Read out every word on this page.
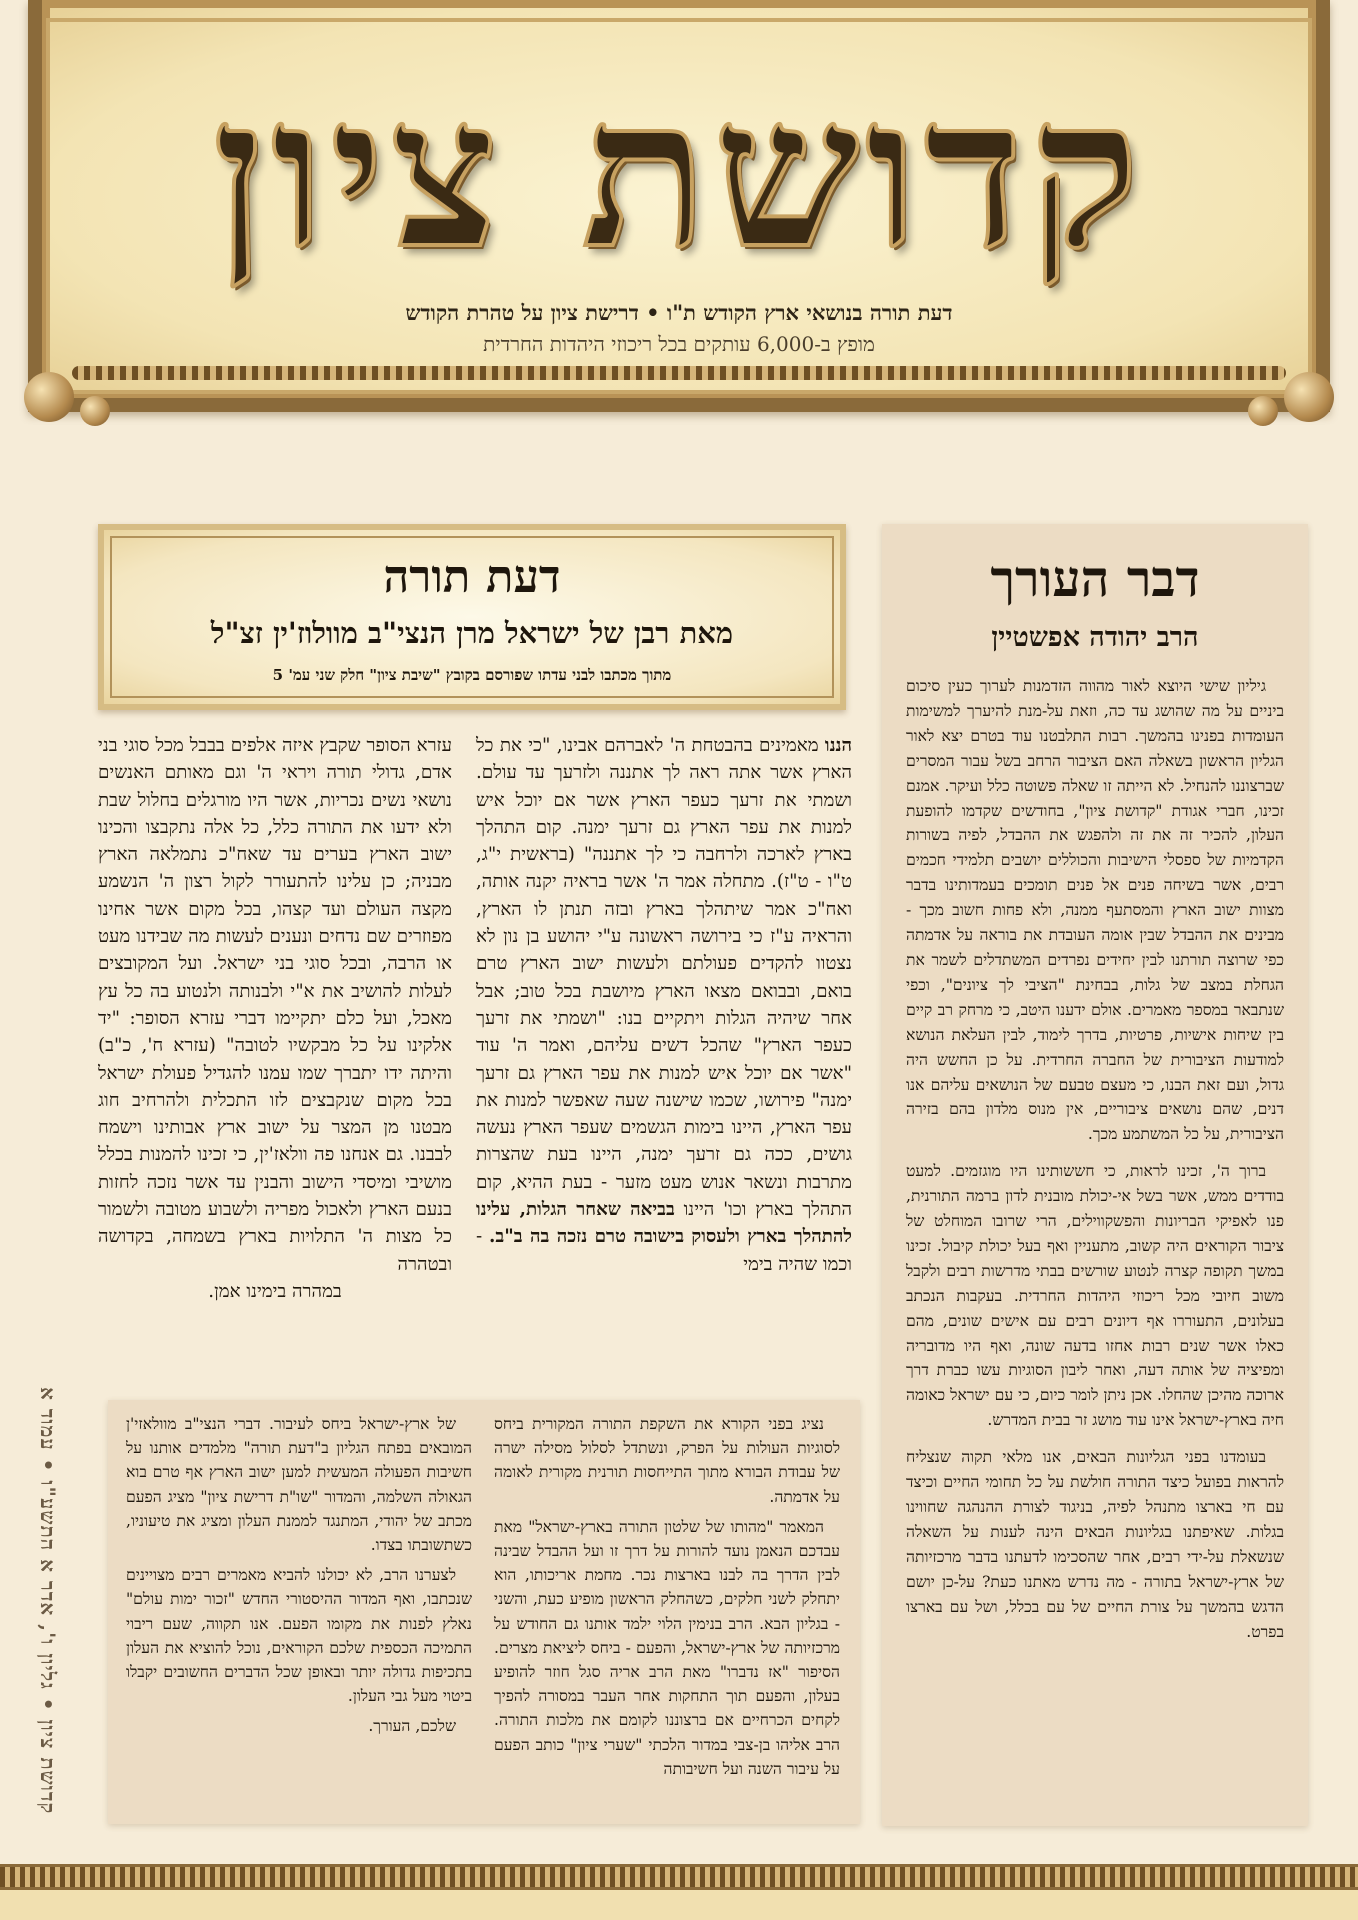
קדושת ציון
דעת תורה בנושאי ארץ הקודש ת"ו • דרישת ציון על טהרת הקודש
מופץ ב-6,000 עותקים בכל ריכוזי היהדות החרדית
דבר העורך
הרב יהודה אפשטיין

גיליון שישי היוצא לאור מהווה הזדמנות לערוך כעין סיכום ביניים על מה שהושג עד כה, וזאת על-מנת להיערך למשימות העומדות בפנינו בהמשך. רבות התלבטנו עוד בטרם יצא לאור הגליון הראשון בשאלה האם הציבור הרחב בשל עבור המסרים שברצוננו להנחיל. לא הייתה זו שאלה פשוטה כלל ועיקר. אמנם זכינו, חברי אגודת "קדושת ציון", בחודשים שקדמו להופעת העלון, להכיר זה את זה ולהפגש את ההבדל, לפיה בשורות הקדמיות של ספסלי הישיבות והכוללים יושבים תלמידי חכמים רבים, אשר בשיחה פנים אל פנים תומכים בעמדותינו בדבר מצוות ישוב הארץ והמסתעף ממנה, ולא פחות חשוב מכך - מבינים את ההבדל שבין אומה העובדת את בוראה על אדמתה כפי שרוצה תורתנו לבין יחידים נפרדים המשתדלים לשמר את הגחלת במצב של גלות, בבחינת "הציבי לך ציונים", וכפי שנתבאר במספר מאמרים. אולם ידענו היטב, כי מרחק רב קיים בין שיחות אישיות, פרטיות, בדרך לימוד, לבין העלאת הנושא למודעות הציבורית של החברה החרדית. על כן החשש היה גדול, ועם זאת הבנו, כי מעצם טבעם של הנושאים עליהם אנו דנים, שהם נושאים ציבוריים, אין מנוס מלדון בהם בזירה הציבורית, על כל המשתמע מכך.

ברוך ה', זכינו לראות, כי חששותינו היו מוגזמים. למעט בודדים ממש, אשר בשל אי-יכולת מובנית לדון ברמה התורנית, פנו לאפיקי הבריונות והפשקווילים, הרי שרובו המוחלט של ציבור הקוראים היה קשוב, מתעניין ואף בעל יכולת קיבול. זכינו במשך תקופה קצרה לנטוע שורשים בבתי מדרשות רבים ולקבל משוב חיובי מכל ריכוזי היהדות החרדית. בעקבות הנכתב בעלונים, התעוררו אף דיונים רבים עם אישים שונים, מהם כאלו אשר שנים רבות אחזו בדעה שונה, ואף היו מדובריה ומפיציה של אותה דעה, ואחר ליבון הסוגיות עשו כברת דרך ארוכה מהיכן שהחלו. אכן ניתן לומר כיום, כי עם ישראל כאומה חיה בארץ-ישראל אינו עוד מושג זר בבית המדרש.

בעומדנו בפני הגליונות הבאים, אנו מלאי תקוה שנצליח להראות בפועל כיצד התורה חולשת על כל תחומי החיים וכיצד עם חי בארצו מתנהל לפיה, בניגוד לצורת ההנהגה שחווינו בגלות. שאיפתנו בגליונות הבאים הינה לענות על השאלה שנשאלת על-ידי רבים, אחר שהסכימו לדעתנו בדבר מרכזיותה של ארץ-ישראל בתורה - מה נדרש מאתנו כעת? על-כן יושם הדגש בהמשך על צורת החיים של עם בכלל, ושל עם בארצו בפרט.

דעת תורה
מאת רבן של ישראל מרן הנצי"ב מוולוז'ין זצ"ל
מתוך מכתבו לבני עדתו שפורסם בקובץ "שיבת ציון" חלק שני עמ' 5

הננו מאמינים בהבטחת ה' לאברהם אבינו, "כי את כל הארץ אשר אתה ראה לך אתננה ולזרעך עד עולם. ושמתי את זרעך כעפר הארץ אשר אם יוכל איש למנות את עפר הארץ גם זרעך ימנה. קום התהלך בארץ לארכה ולרחבה כי לך אתננה" (בראשית י"ג, ט"ו - ט"ז). מתחלה אמר ה' אשר בראיה יקנה אותה, ואח"כ אמר שיתהלך בארץ ובזה תנתן לו הארץ, והראיה ע"ז כי בירושה ראשונה ע"י יהושע בן נון לא נצטוו להקדים פעולתם ולעשות ישוב הארץ טרם בואם, ובבואם מצאו הארץ מיושבת בכל טוב; אבל אחר שיהיה הגלות ויתקיים בנו: "ושמתי את זרעך כעפר הארץ" שהכל דשים עליהם, ואמר ה' עוד "אשר אם יוכל איש למנות את עפר הארץ גם זרעך ימנה" פירושו, שכמו שישנה שעה שאפשר למנות את עפר הארץ, היינו בימות הגשמים שעפר הארץ נעשה גושים, ככה גם זרעך ימנה, היינו בעת שהצרות מתרבות ונשאר אנוש מעט מזער - בעת ההיא, קום התהלך בארץ וכו' היינו בביאה שאחר הגלות, עלינו להתהלך בארץ ולעסוק בישובה טרם נזכה בה ב"ב. - וכמו שהיה בימי

עזרא הסופר שקבץ איזה אלפים בבבל מכל סוגי בני אדם, גדולי תורה ויראי ה' וגם מאותם האנשים נושאי נשים נכריות, אשר היו מורגלים בחלול שבת ולא ידעו את התורה כלל, כל אלה נתקבצו והכינו ישוב הארץ בערים עד שאח"כ נתמלאה הארץ מבניה; כן עלינו להתעורר לקול רצון ה' הנשמע מקצה העולם ועד קצהו, בכל מקום אשר אחינו מפוזרים שם נדחים ונענים לעשות מה שבידנו מעט או הרבה, ובכל סוגי בני ישראל. ועל המקובצים לעלות להושיב את א"י ולבנותה ולנטוע בה כל עץ מאכל, ועל כלם יתקיימו דברי עזרא הסופר: "יד אלקינו על כל מבקשיו לטובה" (עזרא ח', כ"ב) והיתה ידו יתברך שמו עמנו להגדיל פעולת ישראל בכל מקום שנקבצים לזו התכלית ולהרחיב חוג מבטנו מן המצר על ישוב ארץ אבותינו וישמח לבבנו. גם אנחנו פה וולאז'ין, כי זכינו להמנות בכלל מושיבי ומיסדי הישוב והבנין עד אשר נזכה לחזות בנעם הארץ ולאכול מפריה ולשבוע מטובה ולשמור כל מצות ה' התלויות בארץ בשמחה, בקדושה ובטהרה

במהרה בימינו אמן.

נציג בפני הקורא את השקפת התורה המקורית ביחס לסוגיות העולות על הפרק, ונשתדל לסלול מסילה ישרה של עבודת הבורא מתוך התייחסות תורנית מקורית לאומה על אדמתה.

המאמר "מהותו של שלטון התורה בארץ-ישראל" מאת עבדכם הנאמן נועד להורות על דרך זו ועל ההבדל שבינה לבין הדרך בה לבנו בארצות נכר. מחמת אריכותו, הוא יתחלק לשני חלקים, כשהחלק הראשון מופיע כעת, והשני - בגליון הבא. הרב בנימין הלוי ילמד אותנו גם החודש על מרכזיותה של ארץ-ישראל, והפעם - ביחס ליציאת מצרים. הסיפור "אז נדברו" מאת הרב אריה סגל חוזר להופיע בעלון, והפעם תוך התחקות אחר העבר במסורה להפיך לקחים הכרחיים אם ברצוננו לקומם את מלכות התורה. הרב אליהו בן-צבי במדור הלכתי "שערי ציון" כותב הפעם על עיבור השנה ועל חשיבותה

של ארץ-ישראל ביחס לעיבור. דברי הנצי"ב מוולאזי'ן המובאים בפתח הגליון ב"דעת תורה" מלמדים אותנו על חשיבות הפעולה המעשית למען ישוב הארץ אף טרם בוא הגאולה השלמה, והמדור "שו"ת דרישת ציון" מציג הפעם מכתב של יהודי, המתנגד לממנת העלון ומציג את טיעוניו, כשתשובתו בצדו.

לצערנו הרב, לא יכולנו להביא מאמרים רבים מצויינים שנכתבו, ואף המדור ההיסטורי החדש "זכור ימות עולם" נאלץ לפנות את מקומו הפעם. אנו תקווה, שעם ריבוי התמיכה הכספית שלכם הקוראים, נוכל להוציא את העלון בתכיפות גדולה יותר ובאופן שכל הדברים החשובים יקבלו ביטוי מעל גבי העלון.

שלכם, העורך.

קדושת ציון • גליון ו', אדר א התשע"ו • עמוד א
